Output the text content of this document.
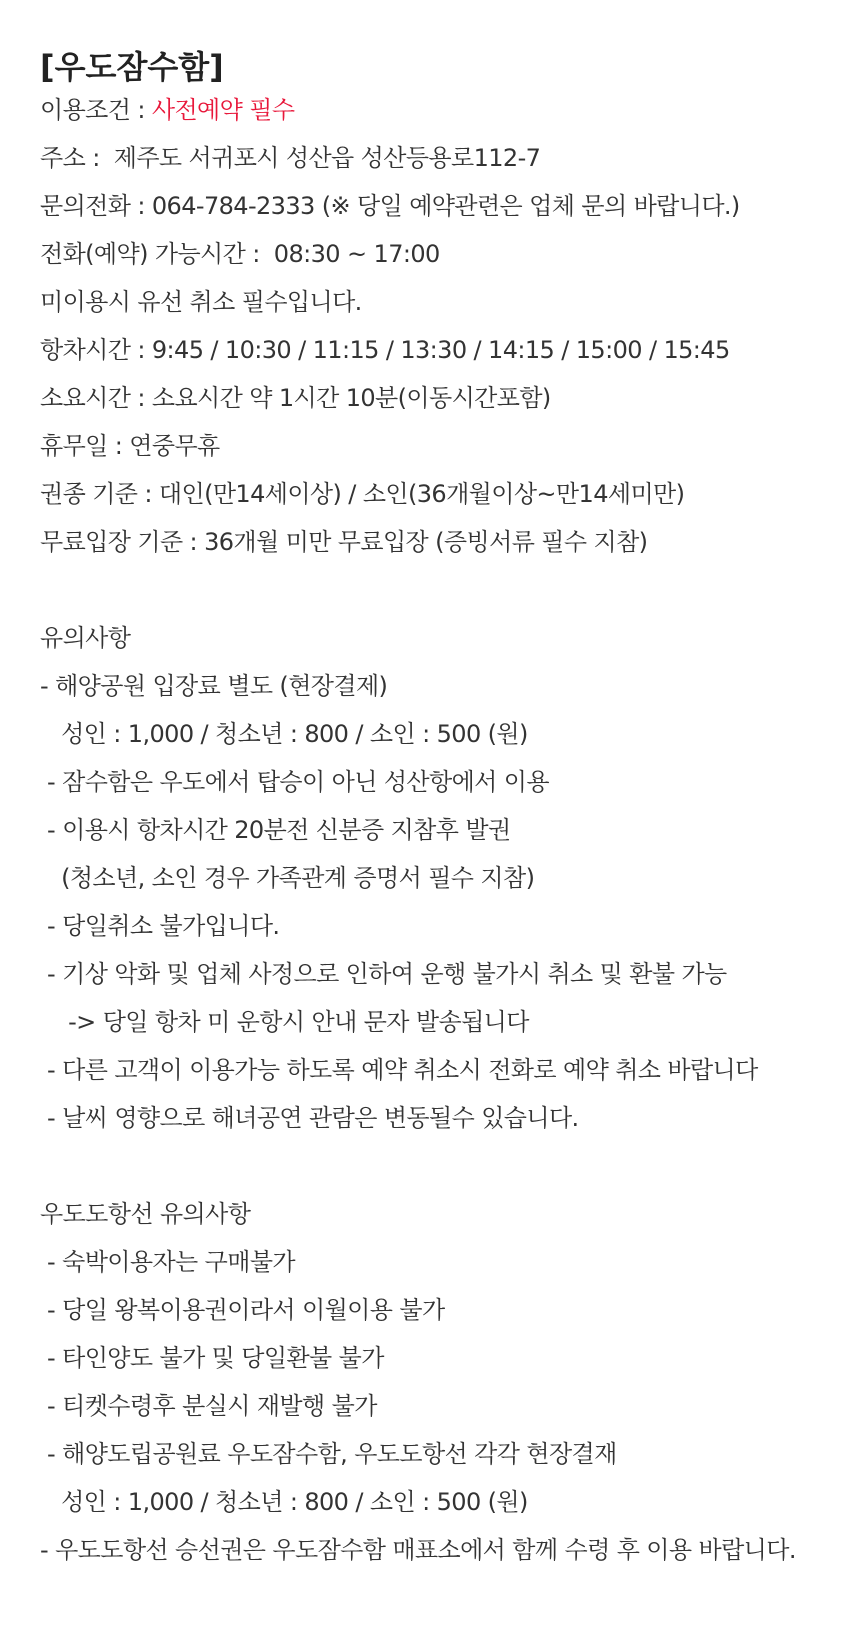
[우도잠수함]
이용조건 : 사전예약 필수
주소 :  제주도 서귀포시 성산읍 성산등용로112-7
문의전화 : 064-784-2333 (※ 당일 예약관련은 업체 문의 바랍니다.)
전화(예약) 가능시간 :  08:30 ~ 17:00
미이용시 유선 취소 필수입니다.
항차시간 : 9:45 / 10:30 / 11:15 / 13:30 / 14:15 / 15:00 / 15:45
소요시간 : 소요시간 약 1시간 10분(이동시간포함)
휴무일 : 연중무휴
권종 기준 : 대인(만14세이상) / 소인(36개월이상~만14세미만)
무료입장 기준 : 36개월 미만 무료입장 (증빙서류 필수 지참)
유의사항
- 해양공원 입장료 별도 (현장결제)
성인 : 1,000 / 청소년 : 800 / 소인 : 500 (원)
- 잠수함은 우도에서 탑승이 아닌 성산항에서 이용
- 이용시 항차시간 20분전 신분증 지참후 발권
(청소년, 소인 경우 가족관계 증명서 필수 지참)
- 당일취소 불가입니다.
- 기상 악화 및 업체 사정으로 인하여 운행 불가시 취소 및 환불 가능
-> 당일 항차 미 운항시 안내 문자 발송됩니다
- 다른 고객이 이용가능 하도록 예약 취소시 전화로 예약 취소 바랍니다
- 날씨 영향으로 해녀공연 관람은 변동될수 있습니다.
우도도항선 유의사항
- 숙박이용자는 구매불가
- 당일 왕복이용권이라서 이월이용 불가
- 타인양도 불가 및 당일환불 불가
- 티켓수령후 분실시 재발행 불가
- 해양도립공원료 우도잠수함, 우도도항선 각각 현장결재
성인 : 1,000 / 청소년 : 800 / 소인 : 500 (원)
- 우도도항선 승선권은 우도잠수함 매표소에서 함께 수령 후 이용 바랍니다.
